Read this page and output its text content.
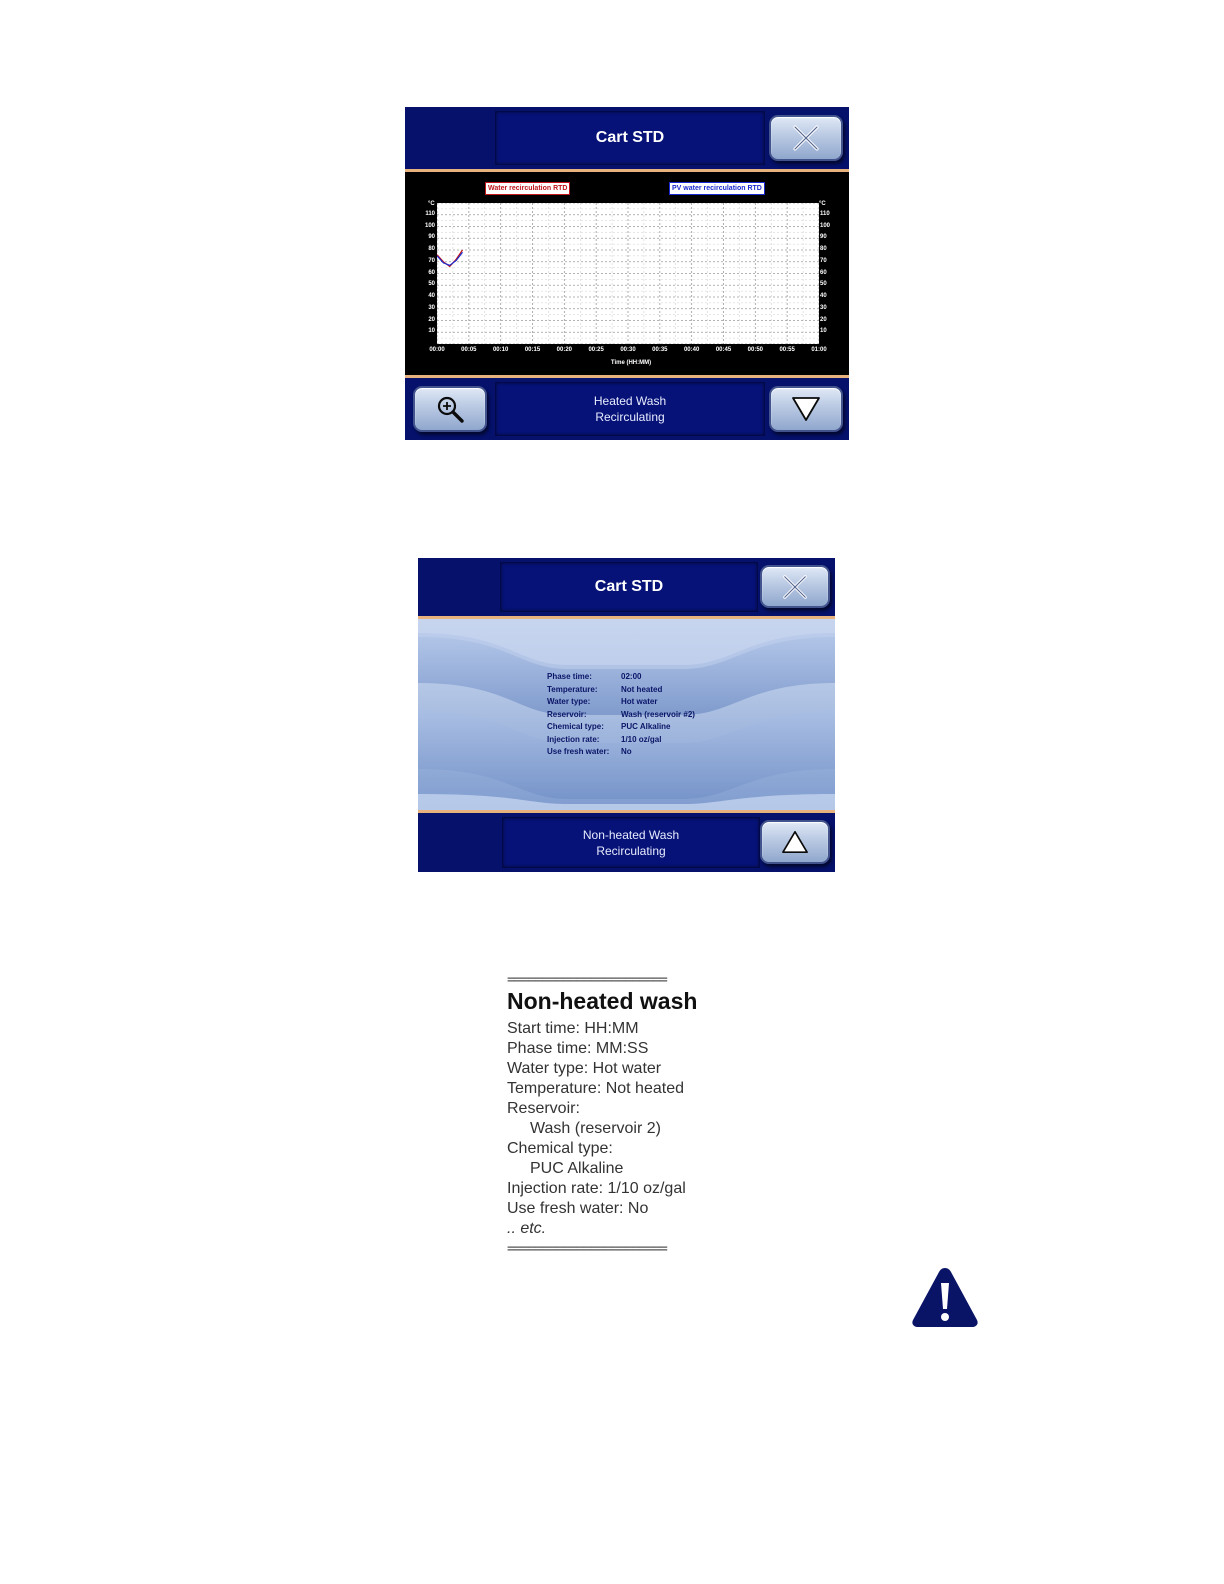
Cart STD
Water recirculation RTD	PV water recirculation RTD
°C	°C
110
100
90
80
70
60
50
40
30
20
10
110
100
90
80
70
60
50
40
30
20
10
00:00	00:05	00:10	00:15	00:20	00:25	00:30	00:35	00:40	00:45	00:50	00:55	01:00
Time (HH:MM)
Heated Wash
Recirculating
Cart STD
Phase time:	02:00
Temperature:	Not heated
Water type:	Hot water
Reservoir:	Wash (reservoir #2)
Chemical type: PUC Alkaline
Injection rate:	1/10 oz/gal
Use fresh water: No
Non-heated Wash
Recirculating
=======================
Non-heated wash
Start time: HH:MM
Phase time: MM:SS
Water type: Hot water
Temperature: Not heated
Reservoir:
Wash (reservoir 2)
Chemical type:
PUC Alkaline
Injection rate: 1/10 oz/gal
Use fresh water: No
.. etc.
=======================
